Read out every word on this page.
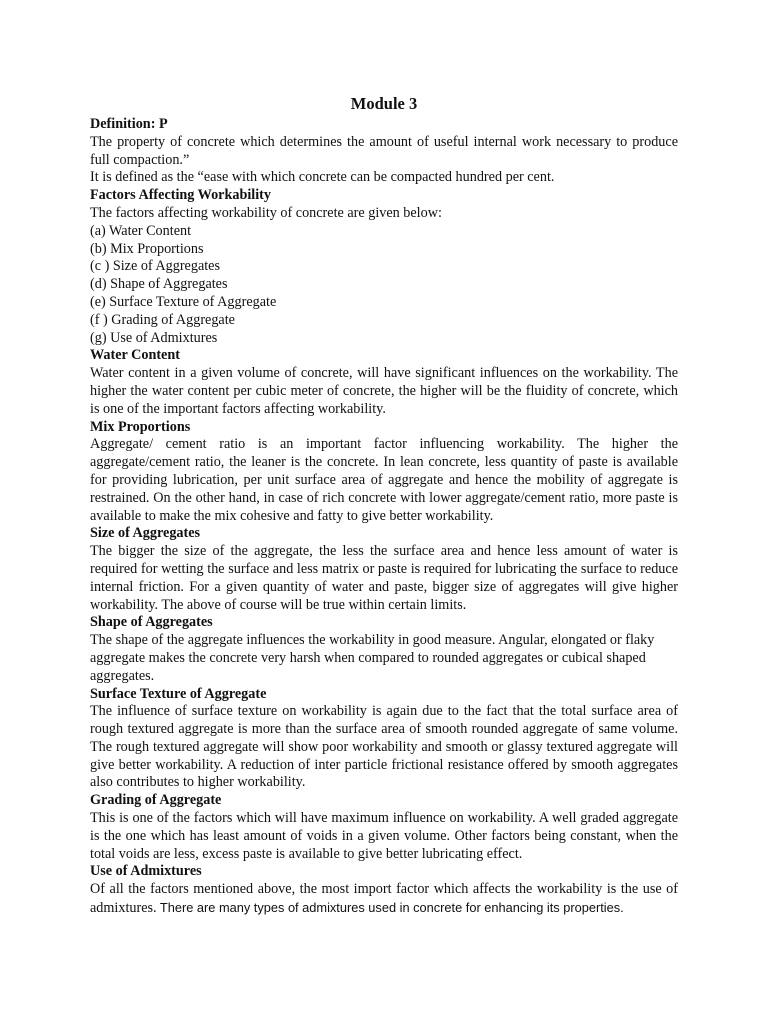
Module 3
Definition: P

The property of concrete which determines the amount of useful internal work necessary to produce full compaction.”

It is defined as the “ease with which concrete can be compacted hundred per cent.

Factors Affecting Workability

The factors affecting workability of concrete are given below:

(a) Water Content
(b) Mix Proportions
(c ) Size of Aggregates
(d) Shape of Aggregates
(e) Surface Texture of Aggregate
(f ) Grading of Aggregate
(g) Use of Admixtures
Water Content

Water content in a given volume of concrete, will have significant influences on the workability. The higher the water content per cubic meter of concrete, the higher will be the fluidity of concrete, which is one of the important factors affecting workability.

Mix Proportions

Aggregate/ cement ratio is an important factor influencing workability. The higher the aggregate/cement ratio, the leaner is the concrete. In lean concrete, less quantity of paste is available for providing lubrication, per unit surface area of aggregate and hence the mobility of aggregate is restrained. On the other hand, in case of rich concrete with lower aggregate/cement ratio, more paste is available to make the mix cohesive and fatty to give better workability.

Size of Aggregates

The bigger the size of the aggregate, the less the surface area and hence less amount of water is required for wetting the surface and less matrix or paste is required for lubricating the surface to reduce internal friction. For a given quantity of water and paste, bigger size of aggregates will give higher workability. The above of course will be true within certain limits.

Shape of Aggregates

The shape of the aggregate influences the workability in good measure. Angular, elongated or flaky aggregate makes the concrete very harsh when compared to rounded aggregates or cubical shaped aggregates.

Surface Texture of Aggregate

The influence of surface texture on workability is again due to the fact that the total surface area of rough textured aggregate is more than the surface area of smooth rounded aggregate of same volume. The rough textured aggregate will show poor workability and smooth or glassy textured aggregate will give better workability. A reduction of inter particle frictional resistance offered by smooth aggregates also contributes to higher workability.

Grading of Aggregate

This is one of the factors which will have maximum influence on workability. A well graded aggregate is the one which has least amount of voids in a given volume. Other factors being constant, when the total voids are less, excess paste is available to give better lubricating effect.

Use of Admixtures

Of all the factors mentioned above, the most import factor which affects the workability is the use of admixtures. There are many types of admixtures used in concrete for enhancing its properties.
